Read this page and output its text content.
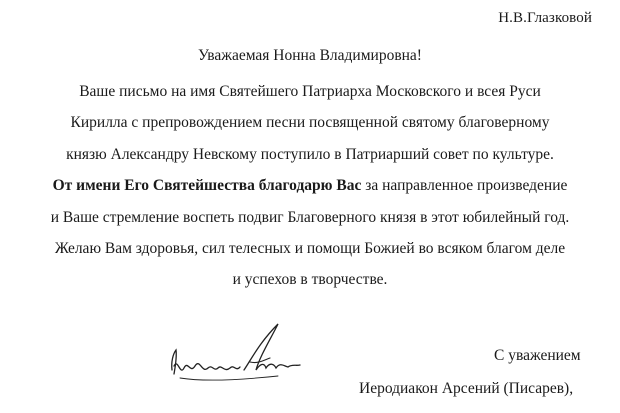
Н.В.Глазковой
Уважаемая Нонна Владимировна!
Ваше письмо на имя Святейшего Патриарха Московского и всея Руси
Кирилла с препровождением песни посвященной святому благоверному
князю Александру Невскому поступило в Патриарший совет по культуре.
От имени Его Святейшества благодарю Вас за направленное произведение
и Ваше стремление воспеть подвиг Благоверного князя в этот юбилейный год.
Желаю Вам здоровья, сил телесных и помощи Божией во всяком благом деле
и успехов в творчестве.
С уважением
Иеродиакон Арсений (Писарев),
